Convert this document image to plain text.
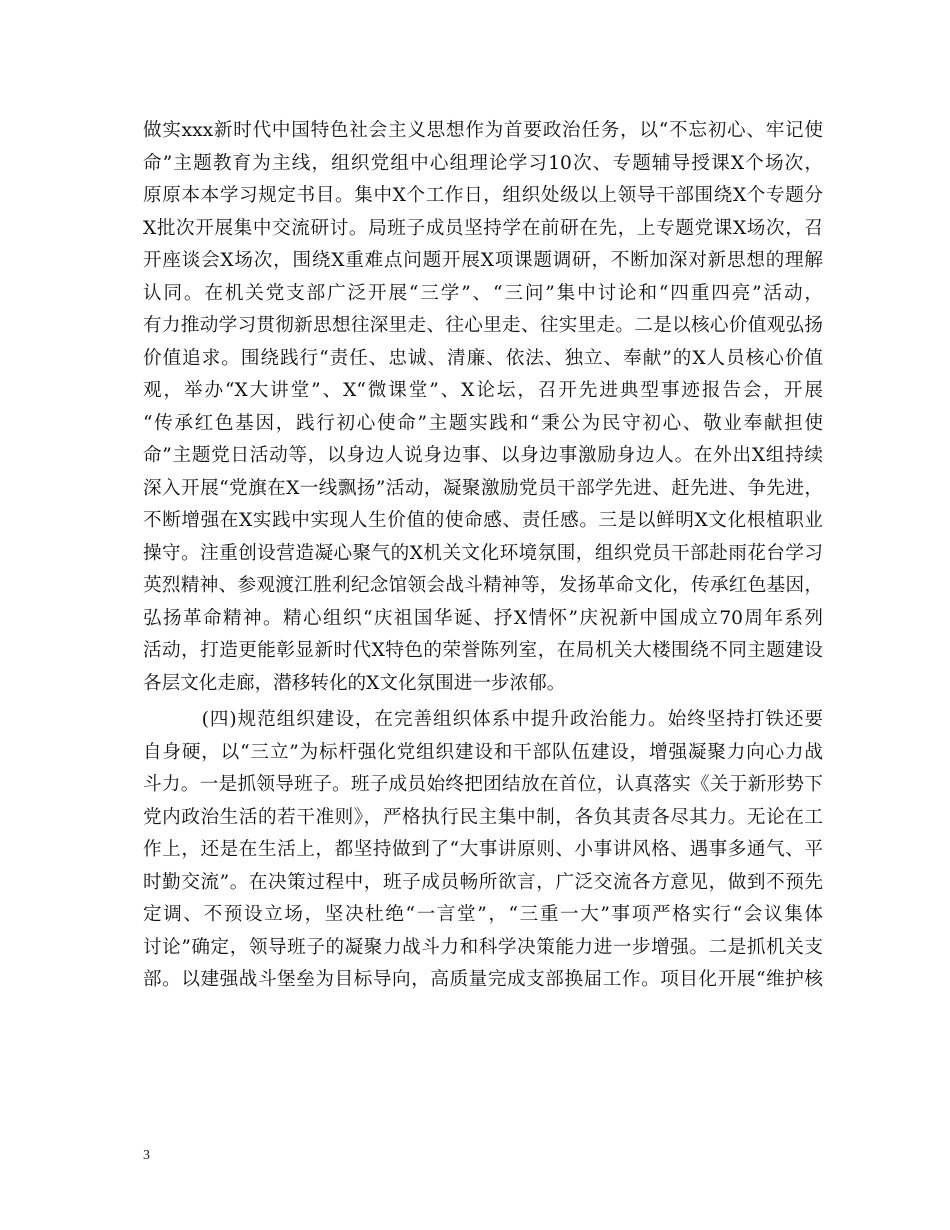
做实xxx新时代中国特色社会主义思想作为首要政治任务，以“不忘初心、牢记使
命”主题教育为主线，组织党组中心组理论学习10次、专题辅导授课X个场次，
原原本本学习规定书目。集中X个工作日，组织处级以上领导干部围绕X个专题分
X批次开展集中交流研讨。局班子成员坚持学在前研在先，上专题党课X场次，召
开座谈会X场次，围绕X重难点问题开展X项课题调研，不断加深对新思想的理解
认同。在机关党支部广泛开展“三学”、“三问”集中讨论和“四重四亮”活动，
有力推动学习贯彻新思想往深里走、往心里走、往实里走。二是以核心价值观弘扬
价值追求。围绕践行“责任、忠诚、清廉、依法、独立、奉献”的X人员核心价值
观，举办“X大讲堂”、X“微课堂”、X论坛，召开先进典型事迹报告会，开展
“传承红色基因，践行初心使命”主题实践和“秉公为民守初心、敬业奉献担使
命”主题党日活动等，以身边人说身边事、以身边事激励身边人。在外出X组持续
深入开展“党旗在X一线飘扬”活动，凝聚激励党员干部学先进、赶先进、争先进，
不断增强在X实践中实现人生价值的使命感、责任感。三是以鲜明X文化根植职业
操守。注重创设营造凝心聚气的X机关文化环境氛围，组织党员干部赴雨花台学习
英烈精神、参观渡江胜利纪念馆领会战斗精神等，发扬革命文化，传承红色基因，
弘扬革命精神。精心组织“庆祖国华诞、抒X情怀”庆祝新中国成立70周年系列
活动，打造更能彰显新时代X特色的荣誉陈列室，在局机关大楼围绕不同主题建设
各层文化走廊，潜移转化的X文化氛围进一步浓郁。
　　　(四)规范组织建设，在完善组织体系中提升政治能力。始终坚持打铁还要
自身硬，以“三立”为标杆强化党组织建设和干部队伍建设，增强凝聚力向心力战
斗力。一是抓领导班子。班子成员始终把团结放在首位，认真落实《关于新形势下
党内政治生活的若干准则》，严格执行民主集中制，各负其责各尽其力。无论在工
作上，还是在生活上，都坚持做到了“大事讲原则、小事讲风格、遇事多通气、平
时勤交流”。在决策过程中，班子成员畅所欲言，广泛交流各方意见，做到不预先
定调、不预设立场，坚决杜绝“一言堂”，“三重一大”事项严格实行“会议集体
讨论”确定，领导班子的凝聚力战斗力和科学决策能力进一步增强。二是抓机关支
部。以建强战斗堡垒为目标导向，高质量完成支部换届工作。项目化开展“维护核
3
